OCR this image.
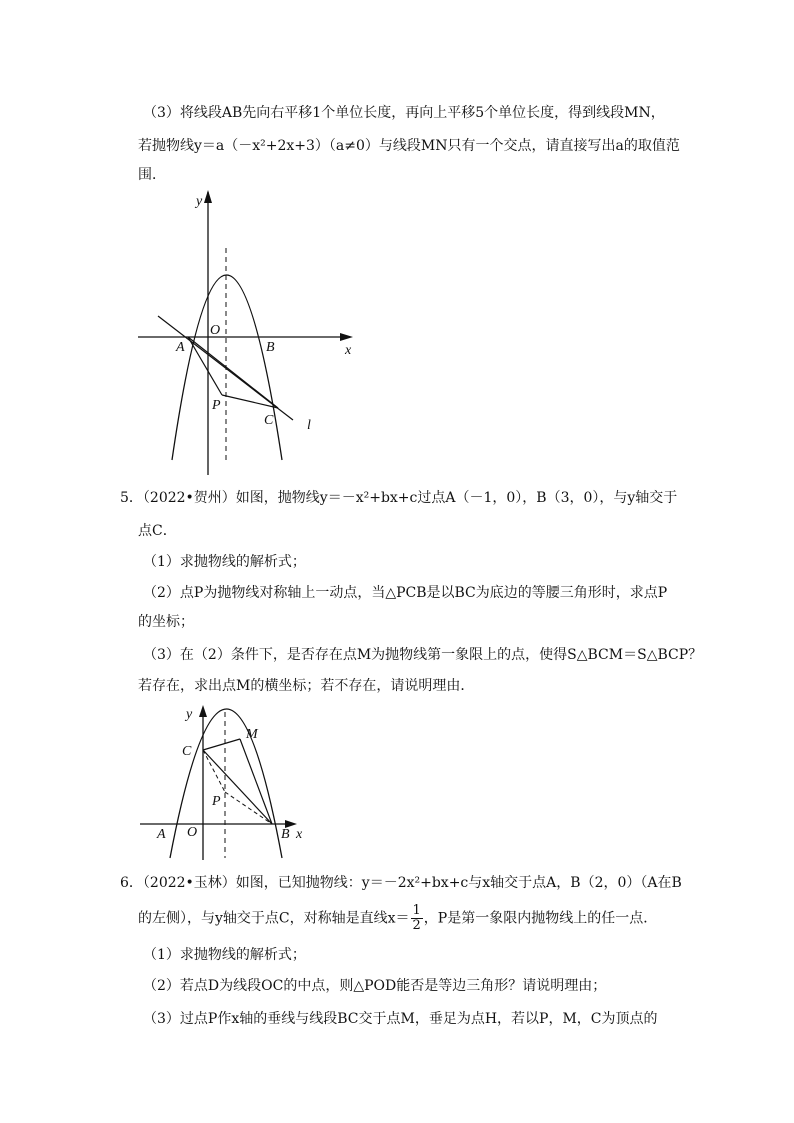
（3）将线段AB先向右平移1个单位长度，再向上平移5个单位长度，得到线段MN，
若抛物线y＝a（－x²+2x+3）（a≠0）与线段MN只有一个交点，请直接写出a的取值范
围．
y
x
O
A	B
P
C l
5．（2022•贺州）如图，抛物线y＝－x²+bx+c过点A（－1，0），B（3，0），与y轴交于
点C．
（1）求抛物线的解析式；
（2）点P为抛物线对称轴上一动点，当△PCB是以BC为底边的等腰三角形时，求点P
的坐标；
（3）在（2）条件下，是否存在点M为抛物线第一象限上的点，使得S△BCM＝S△BCP？
若存在，求出点M的横坐标；若不存在，请说明理由．
y
x
O
A	B
C
M
P
6．（2022•玉林）如图，已知抛物线：y＝－2x²+bx+c与x轴交于点A，B（2，0）（A在B
的左侧），与y轴交于点C，对称轴是直线$x= \frac{1}{2}$ ，P是第一象限内抛物线上的任一点．
（1）求抛物线的解析式；
（2）若点D为线段OC的中点，则△POD能否是等边三角形？请说明理由；
（3）过点P作x轴的垂线与线段BC交于点M，垂足为点H，若以P，M，C为顶点的
